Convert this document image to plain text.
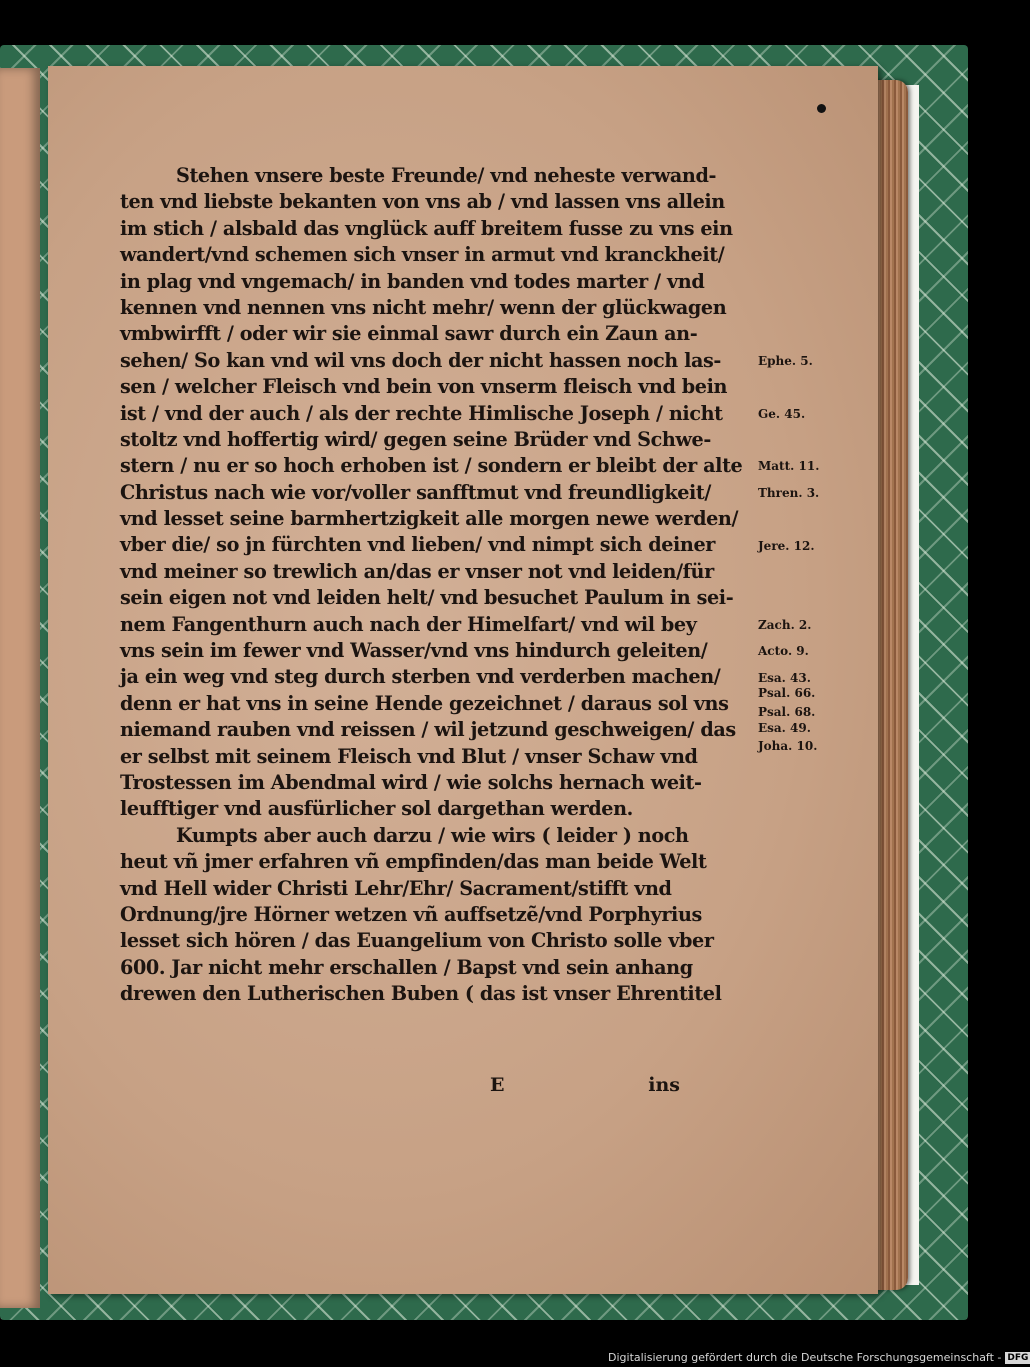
Stehen vnsere beste Freunde/ vnd neheste verwand-
ten vnd liebste bekanten von vns ab / vnd lassen vns allein
im stich / alsbald das vnglück auff breitem fusse zu vns ein
wandert/vnd schemen sich vnser in armut vnd kranckheit/
in plag vnd vngemach/ in banden vnd todes marter / vnd
kennen vnd nennen vns nicht mehr/ wenn der glückwagen
vmbwirfft / oder wir sie einmal sawr durch ein Zaun an-
sehen/ So kan vnd wil vns doch der nicht hassen noch las-
sen / welcher Fleisch vnd bein von vnserm fleisch vnd bein
ist / vnd der auch / als der rechte Himlische Joseph / nicht
stoltz vnd hoffertig wird/ gegen seine Brüder vnd Schwe-
stern / nu er so hoch erhoben ist / sondern er bleibt der alte
Christus nach wie vor/voller sanfftmut vnd freundligkeit/
vnd lesset seine barmhertzigkeit alle morgen newe werden/
vber die/ so jn fürchten vnd lieben/ vnd nimpt sich deiner
vnd meiner so trewlich an/das er vnser not vnd leiden/für
sein eigen not vnd leiden helt/ vnd besuchet Paulum in sei-
nem Fangenthurn auch nach der Himelfart/ vnd wil bey
vns sein im fewer vnd Wasser/vnd vns hindurch geleiten/
ja ein weg vnd steg durch sterben vnd verderben machen/
denn er hat vns in seine Hende gezeichnet / daraus sol vns
niemand rauben vnd reissen / wil jetzund geschweigen/ das
er selbst mit seinem Fleisch vnd Blut / vnser Schaw vnd
Trostessen im Abendmal wird / wie solchs hernach weit-
leufftiger vnd ausfürlicher sol dargethan werden.
Kumpts aber auch darzu / wie wirs ( leider ) noch
heut vñ jmer erfahren vñ empfinden/das man beide Welt
vnd Hell wider Christi Lehr/Ehr/ Sacrament/stifft vnd
Ordnung/jre Hörner wetzen vñ auffsetzẽ/vnd Porphyrius
lesset sich hören / das Euangelium von Christo solle vber
600. Jar nicht mehr erschallen / Bapst vnd sein anhang
drewen den Lutherischen Buben ( das ist vnser Ehrentitel
Ephe. 5.
Ge. 45.
Matt. 11.
Thren. 3.
Jere. 12.
Zach. 2.
Acto. 9.
Esa. 43.
Psal. 66.
Psal. 68.
Esa. 49.
Joha. 10.
E	ins
Digitalisierung gefördert durch die Deutsche Forschungsgemeinschaft - DFG
